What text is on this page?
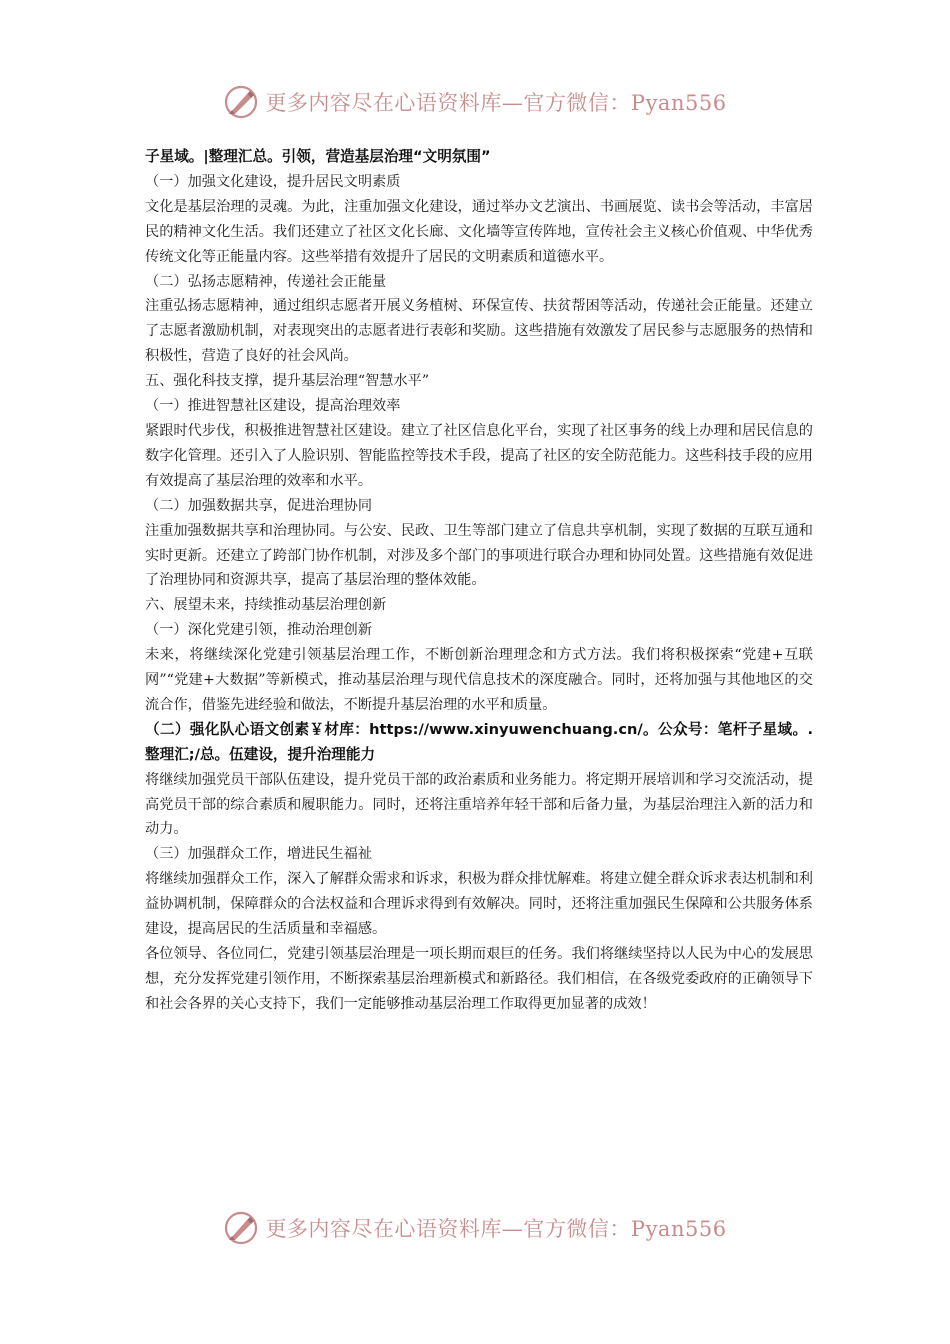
更多内容尽在心语资料库—官方微信：Pyan556

子星域。|整理汇总。引领，营造基层治理“文明氛围”

（一）加强文化建设，提升居民文明素质

文化是基层治理的灵魂。为此，注重加强文化建设，通过举办文艺演出、书画展览、读书会等活动，丰富居民的精神文化生活。我们还建立了社区文化长廊、文化墙等宣传阵地，宣传社会主义核心价值观、中华优秀传统文化等正能量内容。这些举措有效提升了居民的文明素质和道德水平。

（二）弘扬志愿精神，传递社会正能量

注重弘扬志愿精神，通过组织志愿者开展义务植树、环保宣传、扶贫帮困等活动，传递社会正能量。还建立了志愿者激励机制，对表现突出的志愿者进行表彰和奖励。这些措施有效激发了居民参与志愿服务的热情和积极性，营造了良好的社会风尚。

五、强化科技支撑，提升基层治理“智慧水平”

（一）推进智慧社区建设，提高治理效率

紧跟时代步伐，积极推进智慧社区建设。建立了社区信息化平台，实现了社区事务的线上办理和居民信息的数字化管理。还引入了人脸识别、智能监控等技术手段，提高了社区的安全防范能力。这些科技手段的应用有效提高了基层治理的效率和水平。

（二）加强数据共享，促进治理协同

注重加强数据共享和治理协同。与公安、民政、卫生等部门建立了信息共享机制，实现了数据的互联互通和实时更新。还建立了跨部门协作机制，对涉及多个部门的事项进行联合办理和协同处置。这些措施有效促进了治理协同和资源共享，提高了基层治理的整体效能。

六、展望未来，持续推动基层治理创新

（一）深化党建引领，推动治理创新

未来，将继续深化党建引领基层治理工作，不断创新治理理念和方式方法。我们将积极探索“党建+互联网”“党建+大数据”等新模式，推动基层治理与现代信息技术的深度融合。同时，还将加强与其他地区的交流合作，借鉴先进经验和做法，不断提升基层治理的水平和质量。

（二）强化队心语文创素￥材库：https://www.xinyuwenchuang.cn/。公众号：笔杆子星域。.整理汇;/总。伍建设，提升治理能力

将继续加强党员干部队伍建设，提升党员干部的政治素质和业务能力。将定期开展培训和学习交流活动，提高党员干部的综合素质和履职能力。同时，还将注重培养年轻干部和后备力量，为基层治理注入新的活力和动力。

（三）加强群众工作，增进民生福祉

将继续加强群众工作，深入了解群众需求和诉求，积极为群众排忧解难。将建立健全群众诉求表达机制和利益协调机制，保障群众的合法权益和合理诉求得到有效解决。同时，还将注重加强民生保障和公共服务体系建设，提高居民的生活质量和幸福感。

各位领导、各位同仁，党建引领基层治理是一项长期而艰巨的任务。我们将继续坚持以人民为中心的发展思想，充分发挥党建引领作用，不断探索基层治理新模式和新路径。我们相信，在各级党委政府的正确领导下和社会各界的关心支持下，我们一定能够推动基层治理工作取得更加显著的成效！

更多内容尽在心语资料库—官方微信：Pyan556
